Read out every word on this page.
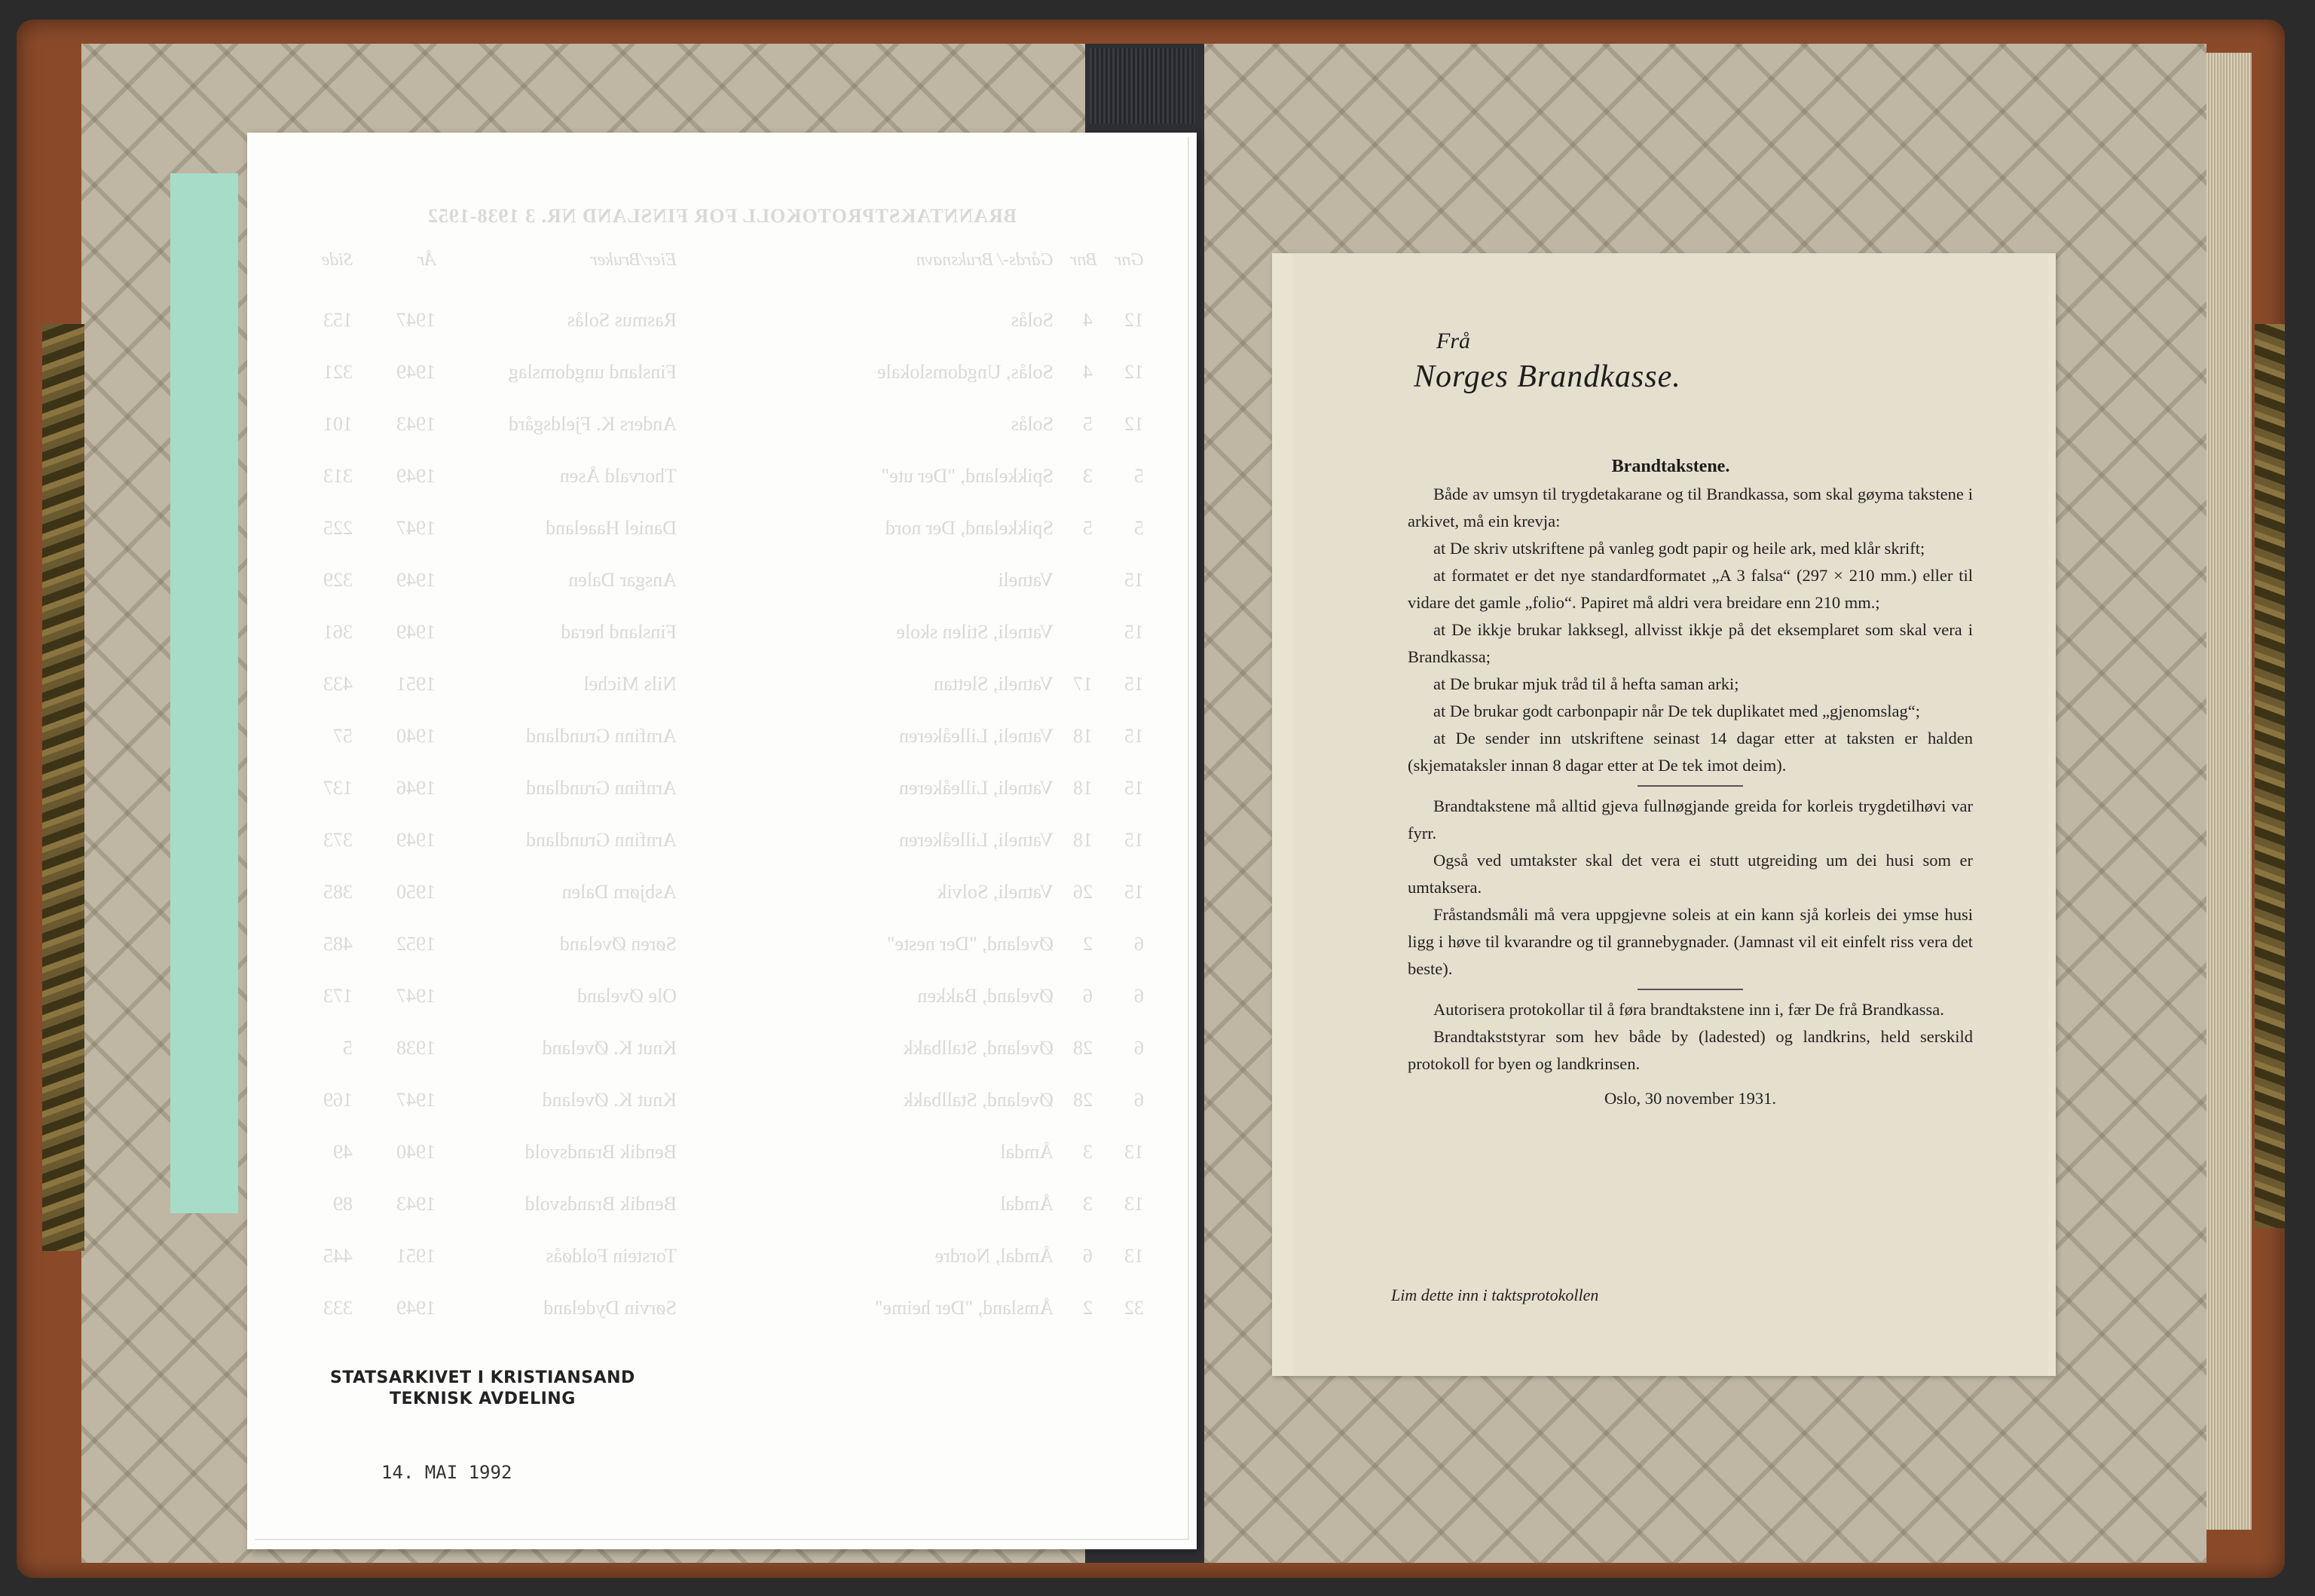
BRANNTAKSTPROTOKOLL FOR FINSLAND NR. 3 1938-1952
Gnr
Bnr
Gårds-/ Bruksnavn
Eier/Bruker
År
Side
12
4
Solås
Rasmus Solås
1947
153
12
4
Solås, Ungdomslokale
Finsland ungdomslag
1949
321
12
5
Solås
Anders K. Fjeldsgård
1943
101
5
3
Spikkeland, "Der ute"
Thorvald Åsen
1949
313
5
5
Spikkeland, Der nord
Daniel Haaeland
1947
225
15
Vatneli
Ansgar Dalen
1949
329
15
Vatneli, Stilen skole
Finsland herad
1949
361
15
17
Vatneli, Slettan
Nils Michel
1951
433
15
18
Vatneli, Lilleåkeren
Arnfinn Grundland
1940
57
15
18
Vatneli, Lilleåkeren
Arnfinn Grundland
1946
137
15
18
Vatneli, Lilleåkeren
Arnfinn Grundland
1949
373
15
26
Vatneli, Solvik
Asbjørn Dalen
1950
385
6
2
Øveland, "Der neste"
Søren Øveland
1952
485
6
6
Øveland, Bakken
Ole Øveland
1947
173
6
28
Øveland, Stallbakk
Knut K. Øveland
1938
5
6
28
Øveland, Stallbakk
Knut K. Øveland
1947
169
13
3
Åmdal
Bendik Brandsvold
1940
49
13
3
Åmdal
Bendik Brandsvold
1943
89
13
6
Åmdal, Nordre
Torstein Foldøås
1951
445
32
2
Åmsland, "Der heime"
Sørvin Dydeland
1949
333
STATSARKIVET I KRISTIANSAND
TEKNISK AVDELING
14. MAI 1992
Frå
Norges Brandkasse.
Brandtakstene.

Både av umsyn til trygdetakarane og til Brandkassa, som skal gøyma takstene i arkivet, må ein krevja:

at De skriv utskriftene på vanleg godt papir og heile ark, med klår skrift;

at formatet er det nye standardformatet „A 3 falsa“ (297 × 210 mm.) eller til vidare det gamle „folio“. Papiret må aldri vera breidare enn 210 mm.;

at De ikkje brukar lakksegl, allvisst ikkje på det eksemplaret som skal vera i Brandkassa;

at De brukar mjuk tråd til å hefta saman arki;

at De brukar godt carbonpapir når De tek duplikatet med „gjenomslag“;

at De sender inn utskriftene seinast 14 dagar etter at taksten er halden (skjemataksler innan 8 dagar etter at De tek imot deim).

Brandtakstene må alltid gjeva fullnøgjande greida for korleis trygdetilhøvi var fyrr.

Også ved umtakster skal det vera ei stutt utgreiding um dei husi som er umtaksera.

Fråstandsmåli må vera uppgjevne soleis at ein kann sjå korleis dei ymse husi ligg i høve til kvarandre og til grannebygnader. (Jamnast vil eit einfelt riss vera det beste).

Autorisera protokollar til å føra brandtakstene inn i, fær De frå Brandkassa.

Brandtakststyrar som hev både by (ladested) og landkrins, held serskild protokoll for byen og landkrinsen.

Oslo, 30 november 1931.

Lim dette inn i taktsprotokollen
